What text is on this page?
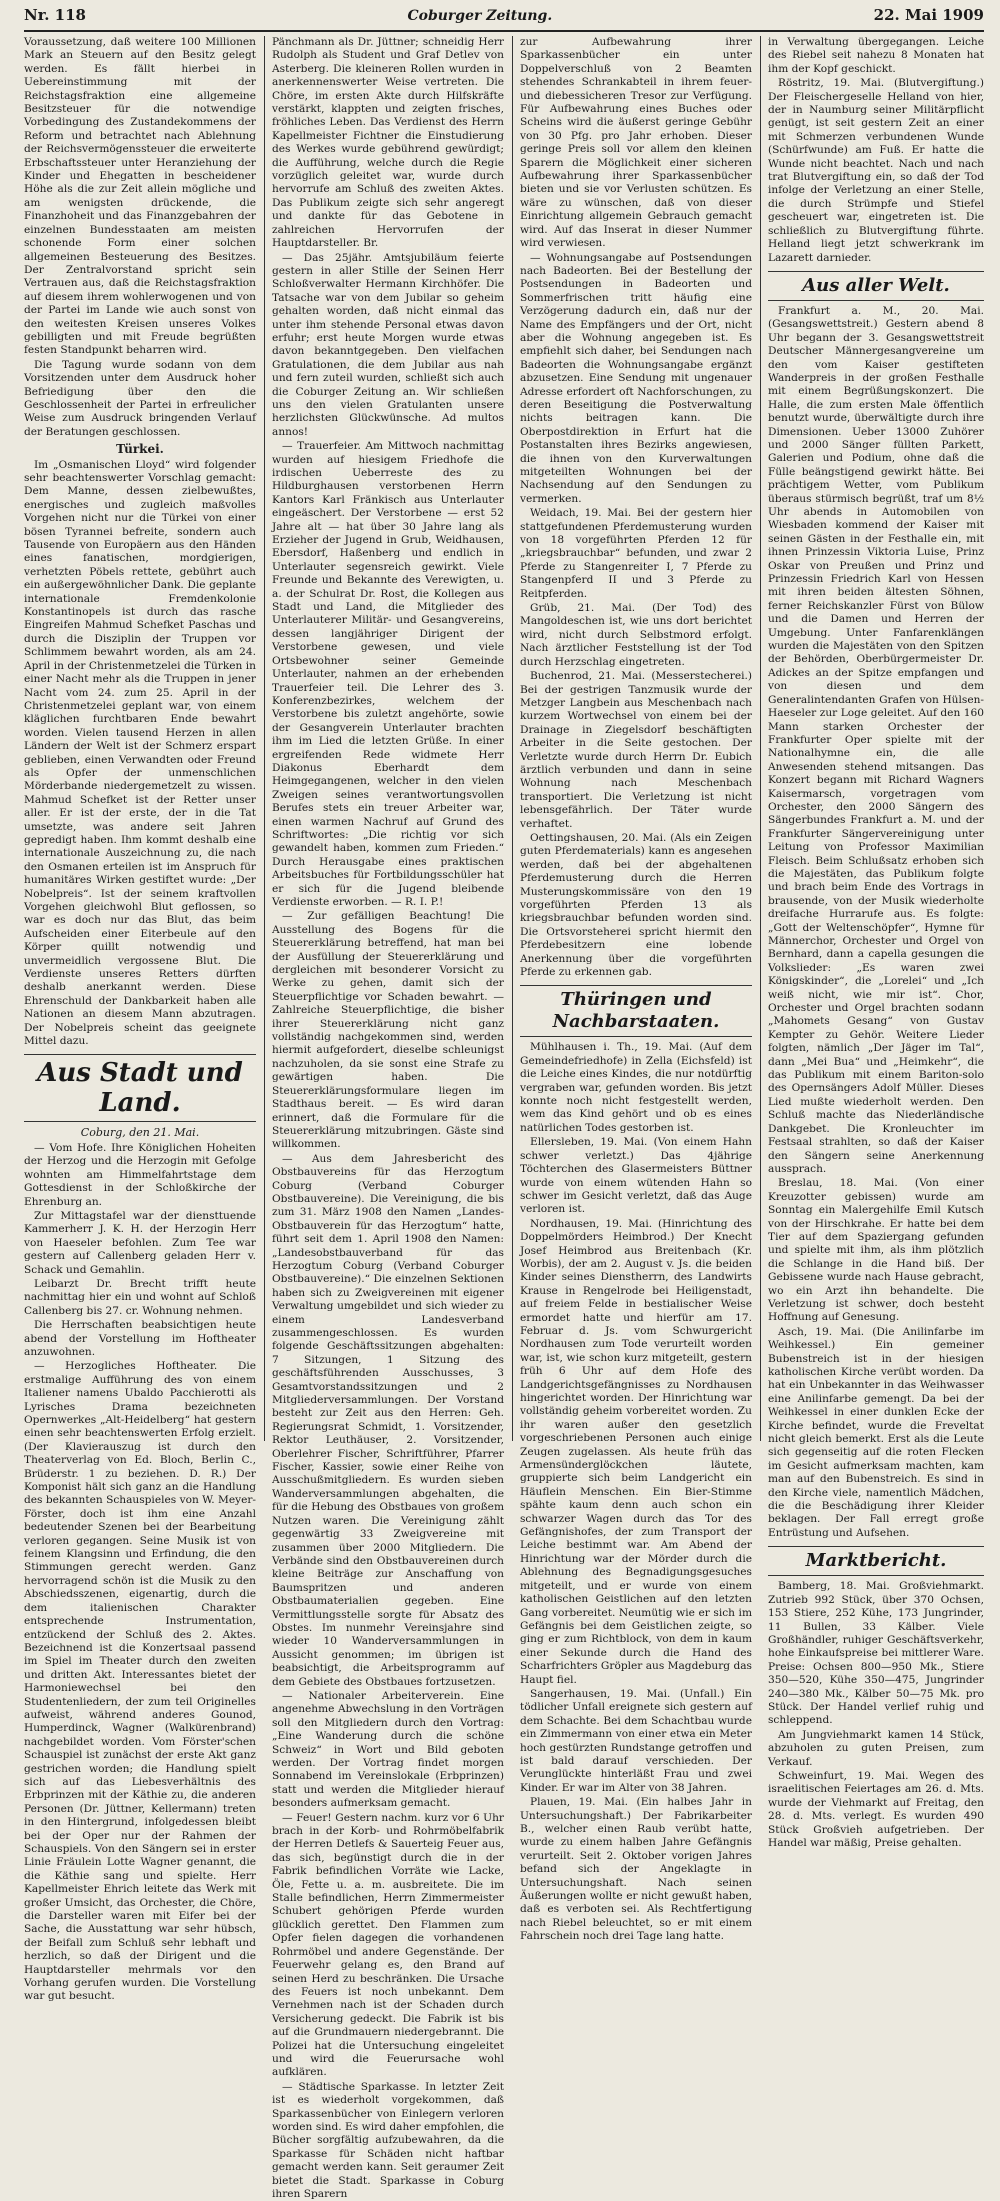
Nr. 118	Coburger Zeitung.	22. Mai 1909

Voraussetzung, daß weitere 100 Millionen Mark an Steuern auf den Besitz gelegt werden. Es fällt hierbei in Uebereinstimmung mit der Reichstagsfraktion eine allgemeine Besitzsteuer für die notwendige Vorbedingung des Zustandekommens der Reform und betrachtet nach Ablehnung der Reichsvermögenssteuer die erweiterte Erbschaftssteuer unter Heranziehung der Kinder und Ehegatten in bescheidener Höhe als die zur Zeit allein mögliche und am wenigsten drückende, die Finanzhoheit und das Finanzgebahren der einzelnen Bundesstaaten am meisten schonende Form einer solchen allgemeinen Besteuerung des Besitzes. Der Zentralvorstand spricht sein Vertrauen aus, daß die Reichstagsfraktion auf diesem ihrem wohlerwogenen und von der Partei im Lande wie auch sonst von den weitesten Kreisen unseres Volkes gebilligten und mit Freude begrüßten festen Standpunkt beharren wird.

Die Tagung wurde sodann von dem Vorsitzenden unter dem Ausdruck hoher Befriedigung über den die Geschlossenheit der Partei in erfreulicher Weise zum Ausdruck bringenden Verlauf der Beratungen geschlossen.

Türkei.

Im „Osmanischen Lloyd“ wird folgender sehr beachtenswerter Vorschlag gemacht: Dem Manne, dessen zielbewußtes, energisches und zugleich maßvolles Vorgehen nicht nur die Türkei von einer bösen Tyrannei befreite, sondern auch Tausende von Europäern aus den Händen eines fanatischen, mordgierigen, verhetzten Pöbels rettete, gebührt auch ein außergewöhnlicher Dank. Die geplante internationale Fremdenkolonie Konstantinopels ist durch das rasche Eingreifen Mahmud Schefket Paschas und durch die Disziplin der Truppen vor Schlimmem bewahrt worden, als am 24. April in der Christenmetzelei die Türken in einer Nacht mehr als die Truppen in jener Nacht vom 24. zum 25. April in der Christenmetzelei geplant war, von einem kläglichen furchtbaren Ende bewahrt worden. Vielen tausend Herzen in allen Ländern der Welt ist der Schmerz erspart geblieben, einen Verwandten oder Freund als Opfer der unmenschlichen Mörderbande niedergemetzelt zu wissen. Mahmud Schefket ist der Retter unser aller. Er ist der erste, der in die Tat umsetzte, was andere seit Jahren gepredigt haben. Ihm kommt deshalb eine internationale Auszeichnung zu, die nach den Osmanen erteilen ist im Anspruch für humanitäres Wirken gestiftet wurde: „Der Nobelpreis“. Ist der seinem kraftvollen Vorgehen gleichwohl Blut geflossen, so war es doch nur das Blut, das beim Aufscheiden einer Eiterbeule auf den Körper quillt notwendig und unvermeidlich vergossene Blut. Die Verdienste unseres Retters dürften deshalb anerkannt werden. Diese Ehrenschuld der Dankbarkeit haben alle Nationen an diesem Mann abzutragen. Der Nobelpreis scheint das geeignete Mittel dazu.

Aus Stadt und Land.
Coburg, den 21. Mai.

— Vom Hofe. Ihre Königlichen Hoheiten der Herzog und die Herzogin mit Gefolge wohnten am Himmelfahrtstage dem Gottesdienst in der Schloßkirche der Ehrenburg an.

Zur Mittagstafel war der diensttuende Kammerherr J. K. H. der Herzogin Herr von Haeseler befohlen. Zum Tee war gestern auf Callenberg geladen Herr v. Schack und Gemahlin.

Leibarzt Dr. Brecht trifft heute nachmittag hier ein und wohnt auf Schloß Callenberg bis 27. cr. Wohnung nehmen.

Die Herrschaften beabsichtigen heute abend der Vorstellung im Hoftheater anzuwohnen.

— Herzogliches Hoftheater. Die erstmalige Aufführung des von einem Italiener namens Ubaldo Pacchierotti als Lyrisches Drama bezeichneten Opernwerkes „Alt-Heidelberg“ hat gestern einen sehr beachtenswerten Erfolg erzielt. (Der Klavierauszug ist durch den Theaterverlag von Ed. Bloch, Berlin C., Brüderstr. 1 zu beziehen. D. R.) Der Komponist hält sich ganz an die Handlung des bekannten Schauspieles von W. Meyer-Förster, doch ist ihm eine Anzahl bedeutender Szenen bei der Bearbeitung verloren gegangen. Seine Musik ist von feinem Klangsinn und Erfindung, die den Stimmungen gerecht werden. Ganz hervorragend schön ist die Musik zu den Abschiedsszenen, eigenartig, durch die dem italienischen Charakter entsprechende Instrumentation, entzückend der Schluß des 2. Aktes. Bezeichnend ist die Konzertsaal passend im Spiel im Theater durch den zweiten und dritten Akt. Interessantes bietet der Harmoniewechsel bei den Studentenliedern, der zum teil Originelles aufweist, während anderes Gounod, Humperdinck, Wagner (Walkürenbrand) nachgebildet worden. Vom Förster'schen Schauspiel ist zunächst der erste Akt ganz gestrichen worden; die Handlung spielt sich auf das Liebesverhältnis des Erbprinzen mit der Käthie zu, die anderen Personen (Dr. Jüttner, Kellermann) treten in den Hintergrund, infolgedessen bleibt bei der Oper nur der Rahmen der Schauspiels. Von den Sängern sei in erster Linie Fräulein Lotte Wagner genannt, die die Käthie sang und spielte. Herr Kapellmeister Ehrich leitete das Werk mit großer Umsicht, das Orchester, die Chöre, die Darsteller waren mit Eifer bei der Sache, die Ausstattung war sehr hübsch, der Beifall zum Schluß sehr lebhaft und herzlich, so daß der Dirigent und die Hauptdarsteller mehrmals vor den Vorhang gerufen wurden. Die Vorstellung war gut besucht.

Pänchmann als Dr. Jüttner; schneidig Herr Rudolph als Student und Graf Detlev von Asterberg. Die kleineren Rollen wurden in anerkennenswerter Weise vertreten. Die Chöre, im ersten Akte durch Hilfskräfte verstärkt, klappten und zeigten frisches, fröhliches Leben. Das Verdienst des Herrn Kapellmeister Fichtner die Einstudierung des Werkes wurde gebührend gewürdigt; die Aufführung, welche durch die Regie vorzüglich geleitet war, wurde durch hervorrufe am Schluß des zweiten Aktes. Das Publikum zeigte sich sehr angeregt und dankte für das Gebotene in zahlreichen Hervorrufen der Hauptdarsteller. Br.

— Das 25jähr. Amtsjubiläum feierte gestern in aller Stille der Seinen Herr Schloßverwalter Hermann Kirchhöfer. Die Tatsache war von dem Jubilar so geheim gehalten worden, daß nicht einmal das unter ihm stehende Personal etwas davon erfuhr; erst heute Morgen wurde etwas davon bekanntgegeben. Den vielfachen Gratulationen, die dem Jubilar aus nah und fern zuteil wurden, schließt sich auch die Coburger Zeitung an. Wir schließen uns den vielen Gratulanten unsere herzlichsten Glückwünsche. Ad multos annos!

— Trauerfeier. Am Mittwoch nachmittag wurden auf hiesigem Friedhofe die irdischen Ueberreste des zu Hildburghausen verstorbenen Herrn Kantors Karl Fränkisch aus Unterlauter eingeäschert. Der Verstorbene — erst 52 Jahre alt — hat über 30 Jahre lang als Erzieher der Jugend in Grub, Weidhausen, Ebersdorf, Haßenberg und endlich in Unterlauter segensreich gewirkt. Viele Freunde und Bekannte des Verewigten, u. a. der Schulrat Dr. Rost, die Kollegen aus Stadt und Land, die Mitglieder des Unterlauterer Militär- und Gesangvereins, dessen langjähriger Dirigent der Verstorbene gewesen, und viele Ortsbewohner seiner Gemeinde Unterlauter, nahmen an der erhebenden Trauerfeier teil. Die Lehrer des 3. Konferenzbezirkes, welchem der Verstorbene bis zuletzt angehörte, sowie der Gesangverein Unterlauter brachten ihm im Lied die letzten Grüße. In einer ergreifenden Rede widmete Herr Diakonus Eberhardt dem Heimgegangenen, welcher in den vielen Zweigen seines verantwortungsvollen Berufes stets ein treuer Arbeiter war, einen warmen Nachruf auf Grund des Schriftwortes: „Die richtig vor sich gewandelt haben, kommen zum Frieden.“ Durch Herausgabe eines praktischen Arbeitsbuches für Fortbildungsschüler hat er sich für die Jugend bleibende Verdienste erworben. — R. I. P.!

— Zur gefälligen Beachtung! Die Ausstellung des Bogens für die Steuererklärung betreffend, hat man bei der Ausfüllung der Steuererklärung und dergleichen mit besonderer Vorsicht zu Werke zu gehen, damit sich der Steuerpflichtige vor Schaden bewahrt. — Zahlreiche Steuerpflichtige, die bisher ihrer Steuererklärung nicht ganz vollständig nachgekommen sind, werden hiermit aufgefordert, dieselbe schleunigst nachzuholen, da sie sonst eine Strafe zu gewärtigen haben. Die Steuererklärungsformulare liegen im Stadthaus bereit. — Es wird daran erinnert, daß die Formulare für die Steuererklärung mitzubringen. Gäste sind willkommen.

— Aus dem Jahresbericht des Obstbauvereins für das Herzogtum Coburg (Verband Coburger Obstbauvereine). Die Vereinigung, die bis zum 31. März 1908 den Namen „Landes-Obstbauverein für das Herzogtum“ hatte, führt seit dem 1. April 1908 den Namen: „Landesobstbauverband für das Herzogtum Coburg (Verband Coburger Obstbauvereine).“ Die einzelnen Sektionen haben sich zu Zweigvereinen mit eigener Verwaltung umgebildet und sich wieder zu einem Landesverband zusammengeschlossen. Es wurden folgende Geschäftssitzungen abgehalten: 7 Sitzungen, 1 Sitzung des geschäftsführenden Ausschusses, 3 Gesamtvorstandssitzungen und 2 Mitgliederversammlungen. Der Vorstand besteht zur Zeit aus den Herren: Geh. Regierungsrat Schmidt, 1. Vorsitzender, Rektor Leuthäuser, 2. Vorsitzender, Oberlehrer Fischer, Schriftführer, Pfarrer Fischer, Kassier, sowie einer Reihe von Ausschußmitgliedern. Es wurden sieben Wanderversammlungen abgehalten, die für die Hebung des Obstbaues von großem Nutzen waren. Die Vereinigung zählt gegenwärtig 33 Zweigvereine mit zusammen über 2000 Mitgliedern. Die Verbände sind den Obstbauvereinen durch kleine Beiträge zur Anschaffung von Baumspritzen und anderen Obstbaumaterialien gegeben. Eine Vermittlungsstelle sorgte für Absatz des Obstes. Im nunmehr Vereinsjahre sind wieder 10 Wanderversammlungen in Aussicht genommen; im übrigen ist beabsichtigt, die Arbeitsprogramm auf dem Gebiete des Obstbaues fortzusetzen.

— Nationaler Arbeiterverein. Eine angenehme Abwechslung in den Vorträgen soll den Mitgliedern durch den Vortrag: „Eine Wanderung durch die schöne Schweiz“ in Wort und Bild geboten werden. Der Vortrag findet morgen Sonnabend im Vereinslokale (Erbprinzen) statt und werden die Mitglieder hierauf besonders aufmerksam gemacht.

— Feuer! Gestern nachm. kurz vor 6 Uhr brach in der Korb- und Rohrmöbelfabrik der Herren Detlefs & Sauerteig Feuer aus, das sich, begünstigt durch die in der Fabrik befindlichen Vorräte wie Lacke, Öle, Fette u. a. m. ausbreitete. Die im Stalle befindlichen, Herrn Zimmermeister Schubert gehörigen Pferde wurden glücklich gerettet. Den Flammen zum Opfer fielen dagegen die vorhandenen Rohrmöbel und andere Gegenstände. Der Feuerwehr gelang es, den Brand auf seinen Herd zu beschränken. Die Ursache des Feuers ist noch unbekannt. Dem Vernehmen nach ist der Schaden durch Versicherung gedeckt. Die Fabrik ist bis auf die Grundmauern niedergebrannt. Die Polizei hat die Untersuchung eingeleitet und wird die Feuerursache wohl aufklären.

— Städtische Sparkasse. In letzter Zeit ist es wiederholt vorgekommen, daß Sparkassenbücher von Einlegern verloren worden sind. Es wird daher empfohlen, die Bücher sorgfältig aufzubewahren, da die Sparkasse für Schäden nicht haftbar gemacht werden kann. Seit geraumer Zeit bietet die Stadt. Sparkasse in Coburg ihren Sparern

zur Aufbewahrung ihrer Sparkassenbücher ein unter Doppelverschluß von 2 Beamten stehendes Schrankabteil in ihrem feuer- und diebessicheren Tresor zur Verfügung. Für Aufbewahrung eines Buches oder Scheins wird die äußerst geringe Gebühr von 30 Pfg. pro Jahr erhoben. Dieser geringe Preis soll vor allem den kleinen Sparern die Möglichkeit einer sicheren Aufbewahrung ihrer Sparkassenbücher bieten und sie vor Verlusten schützen. Es wäre zu wünschen, daß von dieser Einrichtung allgemein Gebrauch gemacht wird. Auf das Inserat in dieser Nummer wird verwiesen.

— Wohnungsangabe auf Postsendungen nach Badeorten. Bei der Bestellung der Postsendungen in Badeorten und Sommerfrischen tritt häufig eine Verzögerung dadurch ein, daß nur der Name des Empfängers und der Ort, nicht aber die Wohnung angegeben ist. Es empfiehlt sich daher, bei Sendungen nach Badeorten die Wohnungsangabe ergänzt abzusetzen. Eine Sendung mit ungenauer Adresse erfordert oft Nachforschungen, zu deren Beseitigung die Postverwaltung nichts beitragen kann. Die Oberpostdirektion in Erfurt hat die Postanstalten ihres Bezirks angewiesen, die ihnen von den Kurverwaltungen mitgeteilten Wohnungen bei der Nachsendung auf den Sendungen zu vermerken.

Weidach, 19. Mai. Bei der gestern hier stattgefundenen Pferdemusterung wurden von 18 vorgeführten Pferden 12 für „kriegsbrauchbar“ befunden, und zwar 2 Pferde zu Stangenreiter I, 7 Pferde zu Stangenpferd II und 3 Pferde zu Reitpferden.

Grüb, 21. Mai. (Der Tod) des Mangoldeschen ist, wie uns dort berichtet wird, nicht durch Selbstmord erfolgt. Nach ärztlicher Feststellung ist der Tod durch Herzschlag eingetreten.

Buchenrod, 21. Mai. (Messerstecherei.) Bei der gestrigen Tanzmusik wurde der Metzger Langbein aus Meschenbach nach kurzem Wortwechsel von einem bei der Drainage in Ziegelsdorf beschäftigten Arbeiter in die Seite gestochen. Der Verletzte wurde durch Herrn Dr. Eubich ärztlich verbunden und dann in seine Wohnung nach Meschenbach transportiert. Die Verletzung ist nicht lebensgefährlich. Der Täter wurde verhaftet.

Oettingshausen, 20. Mai. (Als ein Zeigen guten Pferdematerials) kann es angesehen werden, daß bei der abgehaltenen Pferdemusterung durch die Herren Musterungskommissäre von den 19 vorgeführten Pferden 13 als kriegsbrauchbar befunden worden sind. Die Ortsvorsteherei spricht hiermit den Pferdebesitzern eine lobende Anerkennung über die vorgeführten Pferde zu erkennen gab.

Thüringen und Nachbarstaaten.

Mühlhausen i. Th., 19. Mai. (Auf dem Gemeindefriedhofe) in Zella (Eichsfeld) ist die Leiche eines Kindes, die nur notdürftig vergraben war, gefunden worden. Bis jetzt konnte noch nicht festgestellt werden, wem das Kind gehört und ob es eines natürlichen Todes gestorben ist.

Ellersleben, 19. Mai. (Von einem Hahn schwer verletzt.) Das 4jährige Töchterchen des Glasermeisters Büttner wurde von einem wütenden Hahn so schwer im Gesicht verletzt, daß das Auge verloren ist.

Nordhausen, 19. Mai. (Hinrichtung des Doppelmörders Heimbrod.) Der Knecht Josef Heimbrod aus Breitenbach (Kr. Worbis), der am 2. August v. Js. die beiden Kinder seines Dienstherrn, des Landwirts Krause in Rengelrode bei Heiligenstadt, auf freiem Felde in bestialischer Weise ermordet hatte und hierfür am 17. Februar d. Js. vom Schwurgericht Nordhausen zum Tode verurteilt worden war, ist, wie schon kurz mitgeteilt, gestern früh 6 Uhr auf dem Hofe des Landgerichtsgefängnisses zu Nordhausen hingerichtet worden. Der Hinrichtung war vollständig geheim vorbereitet worden. Zu ihr waren außer den gesetzlich vorgeschriebenen Personen auch einige Zeugen zugelassen. Als heute früh das Armensünderglöckchen läutete, gruppierte sich beim Landgericht ein Häuflein Menschen. Ein Bier-Stimme spähte kaum denn auch schon ein schwarzer Wagen durch das Tor des Gefängnishofes, der zum Transport der Leiche bestimmt war. Am Abend der Hinrichtung war der Mörder durch die Ablehnung des Begnadigungsgesuches mitgeteilt, und er wurde von einem katholischen Geistlichen auf den letzten Gang vorbereitet. Neumütig wie er sich im Gefängnis bei dem Geistlichen zeigte, so ging er zum Richtblock, von dem in kaum einer Sekunde durch die Hand des Scharfrichters Gröpler aus Magdeburg das Haupt fiel.

Sangerhausen, 19. Mai. (Unfall.) Ein tödlicher Unfall ereignete sich gestern auf dem Schachte. Bei dem Schachtbau wurde ein Zimmermann von einer etwa ein Meter hoch gestürzten Rundstange getroffen und ist bald darauf verschieden. Der Verunglückte hinterläßt Frau und zwei Kinder. Er war im Alter von 38 Jahren.

Plauen, 19. Mai. (Ein halbes Jahr in Untersuchungshaft.) Der Fabrikarbeiter B., welcher einen Raub verübt hatte, wurde zu einem halben Jahre Gefängnis verurteilt. Seit 2. Oktober vorigen Jahres befand sich der Angeklagte in Untersuchungshaft. Nach seinen Äußerungen wollte er nicht gewußt haben, daß es verboten sei. Als Rechtfertigung nach Riebel beleuchtet, so er mit einem Fahrschein noch drei Tage lang hatte.

in Verwaltung übergegangen. Leiche des Riebel seit nahezu 8 Monaten hat ihm der Kopf geschickt.

Röstritz, 19. Mai. (Blutvergiftung.) Der Fleischergeselle Helland von hier, der in Naumburg seiner Militärpflicht genügt, ist seit gestern Zeit an einer mit Schmerzen verbundenen Wunde (Schürfwunde) am Fuß. Er hatte die Wunde nicht beachtet. Nach und nach trat Blutvergiftung ein, so daß der Tod infolge der Verletzung an einer Stelle, die durch Strümpfe und Stiefel gescheuert war, eingetreten ist. Die schließlich zu Blutvergiftung führte. Helland liegt jetzt schwerkrank im Lazarett darnieder.

Aus aller Welt.

Frankfurt a. M., 20. Mai. (Gesangswettstreit.) Gestern abend 8 Uhr begann der 3. Gesangswettstreit Deutscher Männergesangvereine um den vom Kaiser gestifteten Wanderpreis in der großen Festhalle mit einem Begrüßungskonzert. Die Halle, die zum ersten Male öffentlich benutzt wurde, überwältigte durch ihre Dimensionen. Ueber 13000 Zuhörer und 2000 Sänger füllten Parkett, Galerien und Podium, ohne daß die Fülle beängstigend gewirkt hätte. Bei prächtigem Wetter, vom Publikum überaus stürmisch begrüßt, traf um 8½ Uhr abends in Automobilen von Wiesbaden kommend der Kaiser mit seinen Gästen in der Festhalle ein, mit ihnen Prinzessin Viktoria Luise, Prinz Oskar von Preußen und Prinz und Prinzessin Friedrich Karl von Hessen mit ihren beiden ältesten Söhnen, ferner Reichskanzler Fürst von Bülow und die Damen und Herren der Umgebung. Unter Fanfarenklängen wurden die Majestäten von den Spitzen der Behörden, Oberbürgermeister Dr. Adickes an der Spitze empfangen und von diesen und dem Generalintendanten Grafen von Hülsen-Haeseler zur Loge geleitet. Auf den 160 Mann starken Orchester der Frankfurter Oper spielte mit der Nationalhymne ein, die alle Anwesenden stehend mitsangen. Das Konzert begann mit Richard Wagners Kaisermarsch, vorgetragen vom Orchester, den 2000 Sängern des Sängerbundes Frankfurt a. M. und der Frankfurter Sängervereinigung unter Leitung von Professor Maximilian Fleisch. Beim Schlußsatz erhoben sich die Majestäten, das Publikum folgte und brach beim Ende des Vortrags in brausende, von der Musik wiederholte dreifache Hurrarufe aus. Es folgte: „Gott der Weltenschöpfer“, Hymne für Männerchor, Orchester und Orgel von Bernhard, dann a capella gesungen die Volkslieder: „Es waren zwei Königskinder“, die „Lorelei“ und „Ich weiß nicht, wie mir ist“. Chor, Orchester und Orgel brachten sodann „Mahomets Gesang“ von Gustav Kempter zu Gehör. Weitere Lieder folgten, nämlich „Der Jäger im Tal“, dann „Mei Bua“ und „Heimkehr“, die das Publikum mit einem Bariton-solo des Opernsängers Adolf Müller. Dieses Lied mußte wiederholt werden. Den Schluß machte das Niederländische Dankgebet. Die Kronleuchter im Festsaal strahlten, so daß der Kaiser den Sängern seine Anerkennung aussprach.

Breslau, 18. Mai. (Von einer Kreuzotter gebissen) wurde am Sonntag ein Malergehilfe Emil Kutsch von der Hirschkrahe. Er hatte bei dem Tier auf dem Spaziergang gefunden und spielte mit ihm, als ihm plötzlich die Schlange in die Hand biß. Der Gebissene wurde nach Hause gebracht, wo ein Arzt ihn behandelte. Die Verletzung ist schwer, doch besteht Hoffnung auf Genesung.

Asch, 19. Mai. (Die Anilinfarbe im Weihkessel.) Ein gemeiner Bubenstreich ist in der hiesigen katholischen Kirche verübt worden. Da hat ein Unbekannter in das Weihwasser eine Anilinfarbe gemengt. Da bei der Weihkessel in einer dunklen Ecke der Kirche befindet, wurde die Freveltat nicht gleich bemerkt. Erst als die Leute sich gegenseitig auf die roten Flecken im Gesicht aufmerksam machten, kam man auf den Bubenstreich. Es sind in den Kirche viele, namentlich Mädchen, die die Beschädigung ihrer Kleider beklagen. Der Fall erregt große Entrüstung und Aufsehen.

Marktbericht.

Bamberg, 18. Mai. Großviehmarkt. Zutrieb 992 Stück, über 370 Ochsen, 153 Stiere, 252 Kühe, 173 Jungrinder, 11 Bullen, 33 Kälber. Viele Großhändler, ruhiger Geschäftsverkehr, hohe Einkaufspreise bei mittlerer Ware. Preise: Ochsen 800—950 Mk., Stiere 350—520, Kühe 350—475, Jungrinder 240—380 Mk., Kälber 50—75 Mk. pro Stück. Der Handel verlief ruhig und schleppend.

Am Jungviehmarkt kamen 14 Stück, abzuholen zu guten Preisen, zum Verkauf.

Schweinfurt, 19. Mai. Wegen des israelitischen Feiertages am 26. d. Mts. wurde der Viehmarkt auf Freitag, den 28. d. Mts. verlegt. Es wurden 490 Stück Großvieh aufgetrieben. Der Handel war mäßig, Preise gehalten.
